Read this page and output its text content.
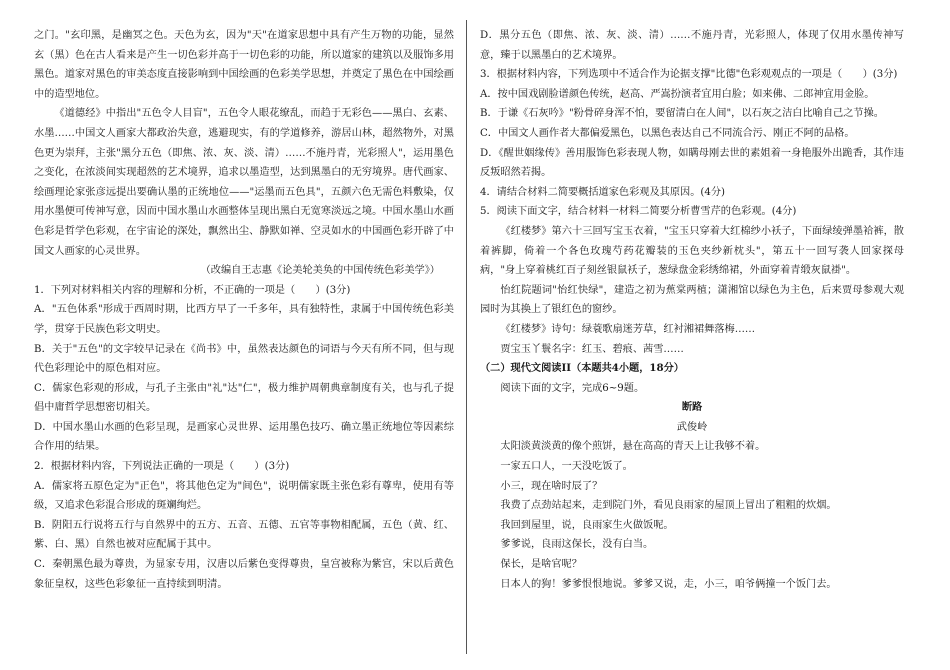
之门。"玄印黑，是幽冥之色。天色为玄，因为"天"在道家思想中具有产生万物的功能，显然玄（黑）色在古人看来是产生一切色彩并高于一切色彩的功能，所以道家的建筑以及服饰多用黑色。道家对黑色的审美态度直接影响到中国绘画的色彩美学思想，并奠定了黑色在中国绘画中的造型地位。

《道德经》中指出"五色令人目盲"，五色令人眼花缭乱，而趋于无彩色——黑白、玄素、水墨……中国文人画家大都政治失意，逃避现实，有的学道修养，游居山林，超然物外，对黑色更为崇拜，主张"黑分五色（即焦、浓、灰、淡、清）……不施丹青，光彩照人"，运用墨色之变化，在浓淡间实现超然的艺术境界，追求以墨造型，达到黑墨白的无穷境界。唐代画家、绘画理论家张彦远提出要确认墨的正统地位——"运墨而五色具"，五颜六色无需色料敷染，仅用水墨便可传神写意，因而中国水墨山水画整体呈现出黑白无宽寒淡远之境。中国水墨山水画色彩是哲学色彩观，在宇宙论的深处，飘然出尘、静默如禅、空灵如水的中国画色彩开辟了中国文人画家的心灵世界。

（改编自王志惠《论美轮美奂的中国传统色彩美学》）

1．下列对材料相关内容的理解和分析，不正确的一项是（　　）(3分)

A．"五色体系"形成于西周时期，比西方早了一千多年，具有独特性，隶属于中国传统色彩美学，贯穿于民族色彩文明史。

B．关于"五色"的文字较早记录在《尚书》中，虽然表达颜色的词语与今天有所不同，但与现代色彩理论中的原色相对应。

C．儒家色彩观的形成，与孔子主张由"礼"达"仁"，极力维护周朝典章制度有关，也与孔子提倡中庸哲学思想密切相关。

D．中国水墨山水画的色彩呈现，是画家心灵世界、运用墨色技巧、确立墨正统地位等因素综合作用的结果。

2．根据材料内容，下列说法正确的一项是（　　）(3分)

A．儒家将五原色定为"正色"，将其他色定为"间色"，说明儒家既主张色彩有尊卑，使用有等级，又追求色彩混合形成的斑斓绚烂。

B．阴阳五行说将五行与自然界中的五方、五音、五德、五官等事物相配属，五色（黄、红、紫、白、黑）自然也被对应配属于其中。

C．秦朝黑色最为尊贵，为显家专用，汉唐以后紫色变得尊贵，皇宫被称为紫宫，宋以后黄色象征皇权，这些色彩象征一直持续到明清。

D．黑分五色（即焦、浓、灰、淡、清）……不施丹青，光彩照人，体现了仅用水墨传神写意，臻于以黑墨白的艺术境界。

3．根据材料内容，下列选项中不适合作为论据支撑"比德"色彩观观点的一项是（　　）(3分)

A．按中国戏剧脸谱颜色传统，赵高、严嵩扮演者宜用白脸；如来佛、二郎神宜用金脸。

B．于谦《石灰吟》"粉骨碎身浑不怕，要留清白在人间"，以石灰之洁白比喻自己之节操。

C．中国文人画作者大都偏爱黑色，以黑色表达自己不同流合污、刚正不阿的品格。

D．《醒世姻缘传》善用服饰色彩表现人物，如瞒母刚去世的素姐着一身艳服外出跪香，其作违反叛昭然若揭。

4．请结合材料二简要概括道家色彩观及其原因。(4分)

5．阅读下面文字，结合材料一材料二简要分析曹雪芹的色彩观。(4分)

《红楼梦》第六十三回写宝玉衣着，"宝玉只穿着大红棉纱小袄子，下面绿绫弹墨袷裤，散着裤脚，倚着一个各色玫瑰芍药花瓣装的玉色夹纱新枕头"，第五十一回写袭人回家探母病，"身上穿着桃红百子刻丝银鼠袄子，葱绿盘金彩绣绵裙，外面穿着青缎灰鼠褂"。

怡红院题词"怡红快绿"，建造之初为蕉棠两植；潇湘馆以绿色为主色，后来贾母参观大观园时为其换上了银红色的窗纱。

《红楼梦》诗句：绿蓑歌扇迷芳草，红衬湘裙舞落梅……

贾宝玉丫鬟名字：红玉、碧痕、茜雪……

（二）现代文阅读II（本题共4小题，18分）

阅读下面的文字，完成6~9题。

断路

武俊岭

太阳淡黄淡黄的像个煎饼，悬在高高的青天上让我够不着。

一家五口人，一天没吃饭了。

小三，现在啥时辰了？

我费了点劲站起来，走到院门外，看见良雨家的屋顶上冒出了粗粗的炊烟。

我回到屋里，说，良雨家生火做饭呢。

爹爹说，良雨这保长，没有白当。

保长，是啥官呢？

日本人的狗！爹爹恨恨地说。爹爹又说，走，小三，咱爷俩撞一个饭门去。
